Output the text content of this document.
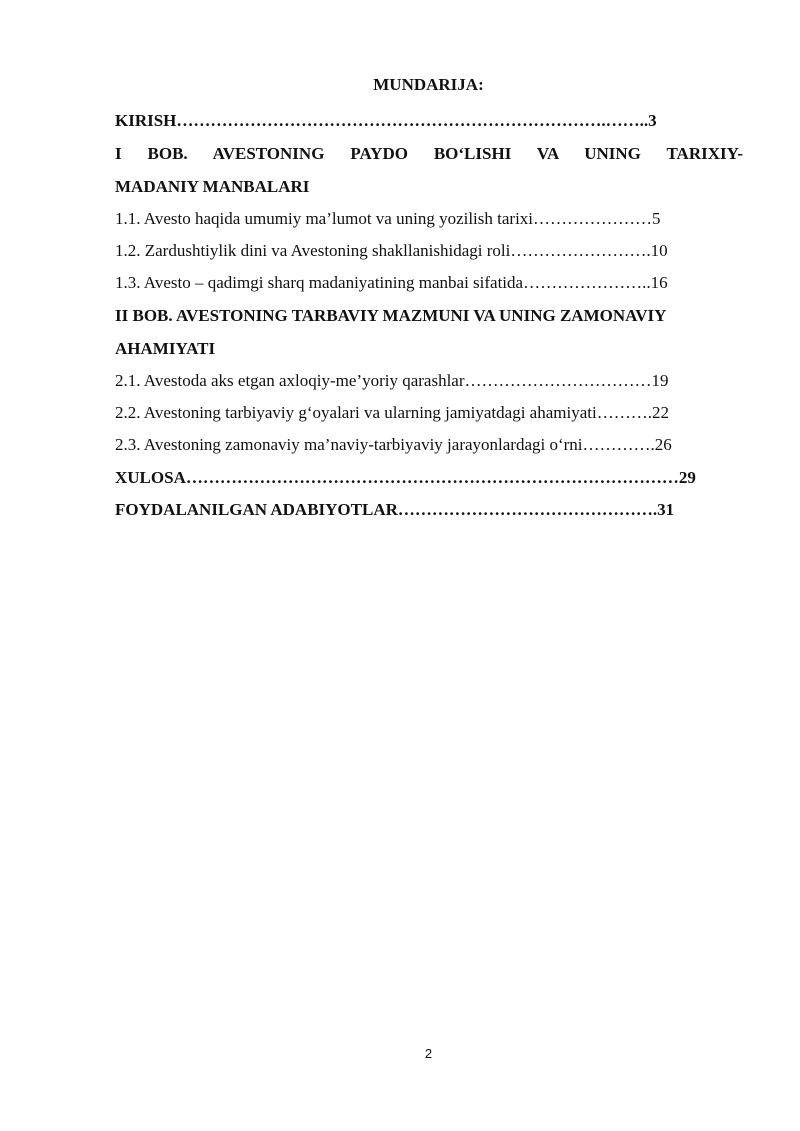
MUNDARIJA:
KIRISH………………………………………………………………….……..3
I BOB. AVESTONING PAYDO BO‘LISHI VA UNING TARIXIY-
MADANIY MANBALARI
1.1. Avesto haqida umumiy ma’lumot va uning yozilish tarixi…………………5
1.2. Zardushtiylik dini va Avestoning shakllanishidagi roli…………………….10
1.3. Avesto – qadimgi sharq madaniyatining manbai sifatida…………………..16
II BOB. AVESTONING TARBAVIY MAZMUNI VA UNING ZAMONAVIY
AHAMIYATI
2.1. Avestoda aks etgan axloqiy-me’yoriy qarashlar……………………………19
2.2. Avestoning tarbiyaviy g‘oyalari va ularning jamiyatdagi ahamiyati……….22
2.3. Avestoning zamonaviy ma’naviy-tarbiyaviy jarayonlardagi o‘rni………….26
XULOSA……………………………………………………………………………29
FOYDALANILGAN ADABIYOTLAR……………………………………….31
2
